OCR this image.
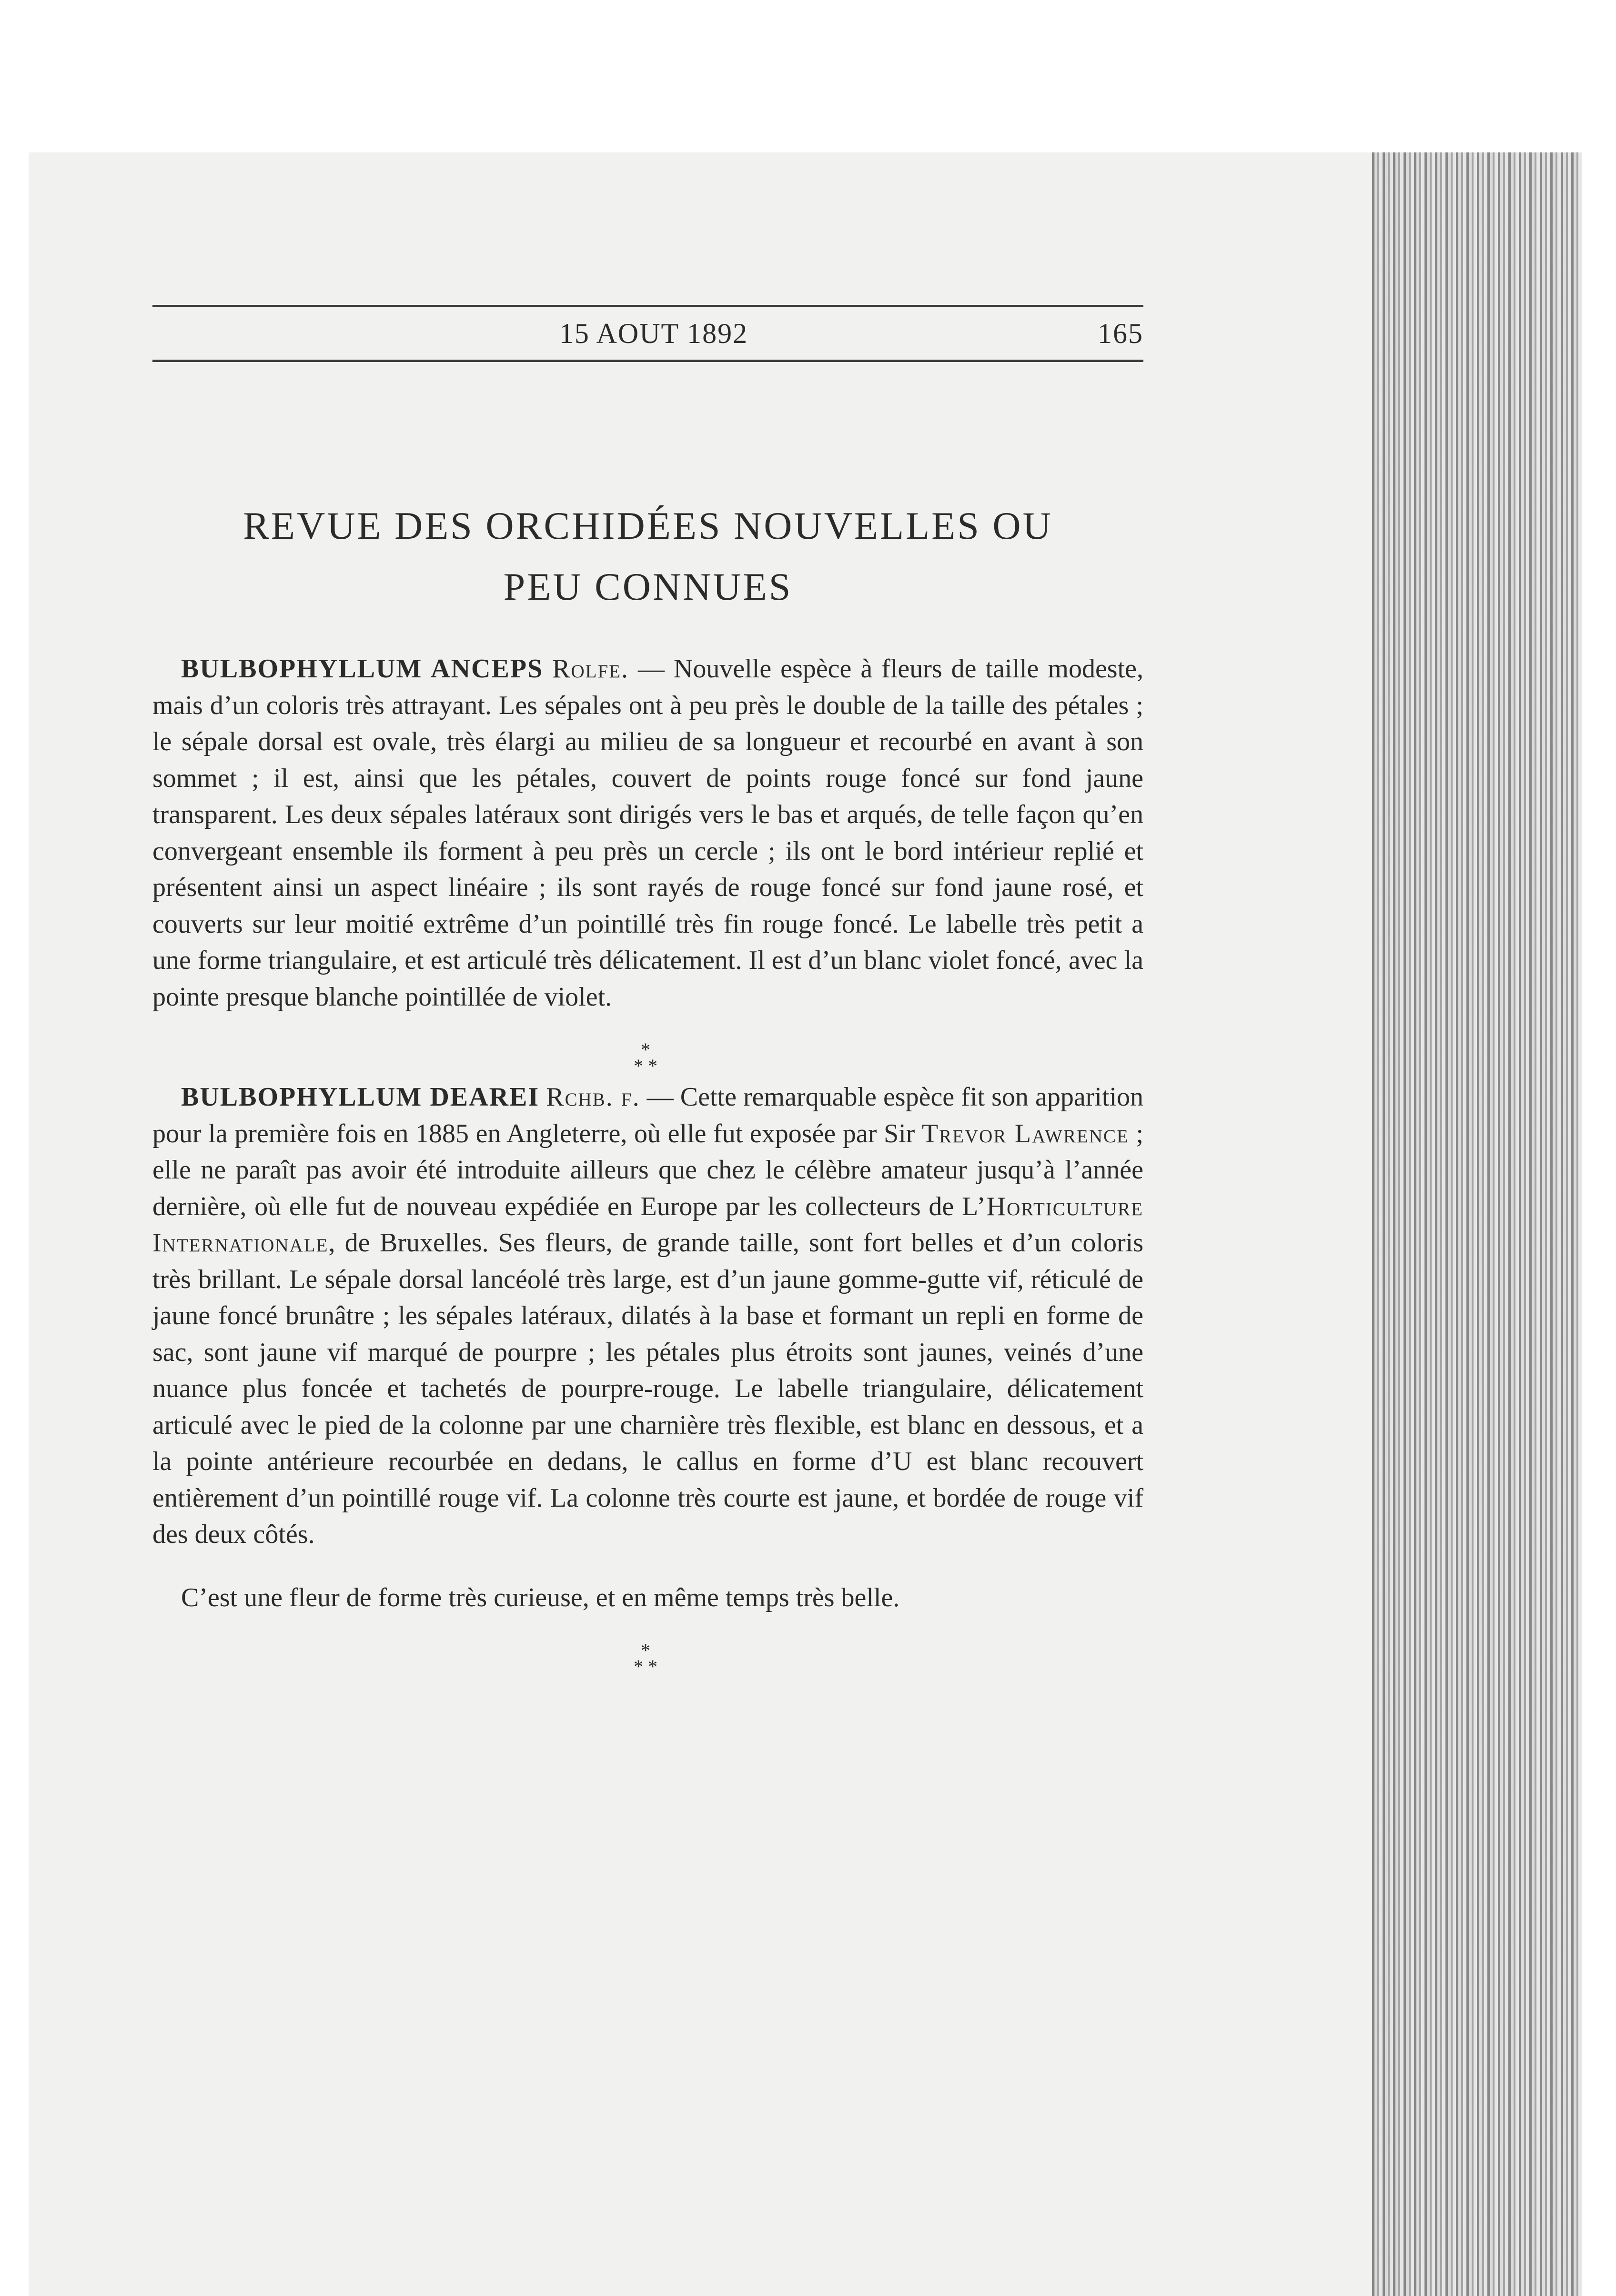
15 AOUT 1892	165
REVUE DES ORCHIDÉES NOUVELLES OU
PEU CONNUES

BULBOPHYLLUM ANCEPS Rolfe. — Nouvelle espèce à fleurs de taille modeste, mais d’un coloris très attrayant. Les sépales ont à peu près le double de la taille des pétales ; le sépale dorsal est ovale, très élargi au milieu de sa longueur et recourbé en avant à son sommet ; il est, ainsi que les pétales, couvert de points rouge foncé sur fond jaune transparent. Les deux sépales latéraux sont dirigés vers le bas et arqués, de telle façon qu’en convergeant ensemble ils forment à peu près un cercle ; ils ont le bord intérieur replié et présentent ainsi un aspect linéaire ; ils sont rayés de rouge foncé sur fond jaune rosé, et couverts sur leur moitié extrême d’un pointillé très fin rouge foncé. Le labelle très petit a une forme triangulaire, et est articulé très délicatement. Il est d’un blanc violet foncé, avec la pointe presque blanche pointillée de violet.

*
**

BULBOPHYLLUM DEAREI Rchb. f. — Cette remarquable espèce fit son apparition pour la première fois en 1885 en Angleterre, où elle fut exposée par Sir Trevor Lawrence ; elle ne paraît pas avoir été introduite ailleurs que chez le célèbre amateur jusqu’à l’année dernière, où elle fut de nouveau expédiée en Europe par les collecteurs de L’Horticulture Internationale, de Bruxelles. Ses fleurs, de grande taille, sont fort belles et d’un coloris très brillant. Le sépale dorsal lancéolé très large, est d’un jaune gomme-gutte vif, réticulé de jaune foncé brunâtre ; les sépales latéraux, dilatés à la base et formant un repli en forme de sac, sont jaune vif marqué de pourpre ; les pétales plus étroits sont jaunes, veinés d’une nuance plus foncée et tachetés de pourpre-rouge. Le labelle triangulaire, délicatement articulé avec le pied de la colonne par une charnière très flexible, est blanc en dessous, et a la pointe antérieure recourbée en dedans, le callus en forme d’U est blanc recouvert entièrement d’un pointillé rouge vif. La colonne très courte est jaune, et bordée de rouge vif des deux côtés.

C’est une fleur de forme très curieuse, et en même temps très belle.

*
**
